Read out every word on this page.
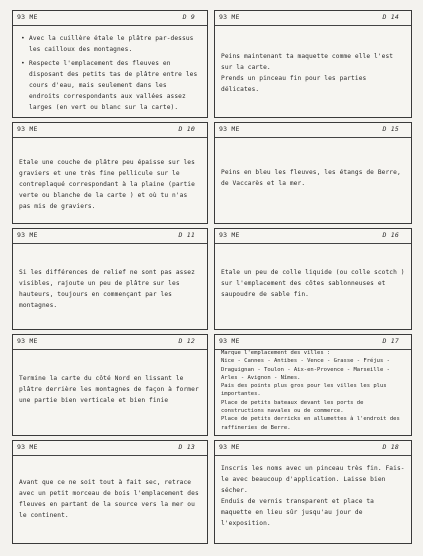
93 ME	D 9
• Avec la cuillère étale le plâtre par-dessus les cailloux des montagnes.
• Respecte l'emplacement des fleuves en disposant des petits tas de plâtre entre les cours d'eau, mais seulement dans les endroits correspondants aux vallées assez larges (en vert ou blanc sur la carte).
93 ME	D 14

Peins maintenant ta maquette comme elle l'est sur la carte.

Prends un pinceau fin pour les parties délicates.

93 ME	D 10

Etale une couche de plâtre peu épaisse sur les graviers et une très fine pellicule sur le contreplaqué correspondant à la plaine (partie verte ou blanche de la carte ) et où tu n'as pas mis de graviers.

93 ME	D 15

Peins en bleu les fleuves, les étangs de Berre, de Vaccarès et la mer.

93 ME	D 11

Si les différences de relief ne sont pas assez visibles, rajoute un peu de plâtre sur les hauteurs, toujours en commençant par les montagnes.

93 ME	D 16

Etale un peu de colle liquide (ou colle scotch ) sur l'emplacement des côtes sablonneuses et saupoudre de sable fin.

93 ME	D 12

Termine la carte du côté Nord en lissant le plâtre derrière les montagnes de façon à former une partie bien verticale et bien finie

93 ME	D 17

Marque l'emplacement des villes :

Nice - Cannes - Antibes - Vence - Grasse - Fréjus - Draguignan - Toulon - Aix-en-Provence - Marseille - Arles - Avignon - Nîmes.

Pais des points plus gros pour les villes les plus importantes.

Place de petits bateaux devant les ports de constructions navales ou de commerce.

Place de petits derricks en allumettes à l'endroit des raffineries de Berre.

93 ME	D 13

Avant que ce ne soit tout à fait sec, retrace avec un petit morceau de bois l'emplacement des fleuves en partant de la source vers la mer ou le continent.

93 ME	D 18

Inscris les noms avec un pinceau très fin. Fais-le avec beaucoup d'application. Laisse bien sécher.

Enduis de vernis transparent et place ta maquette en lieu sûr jusqu'au jour de l'exposition.
